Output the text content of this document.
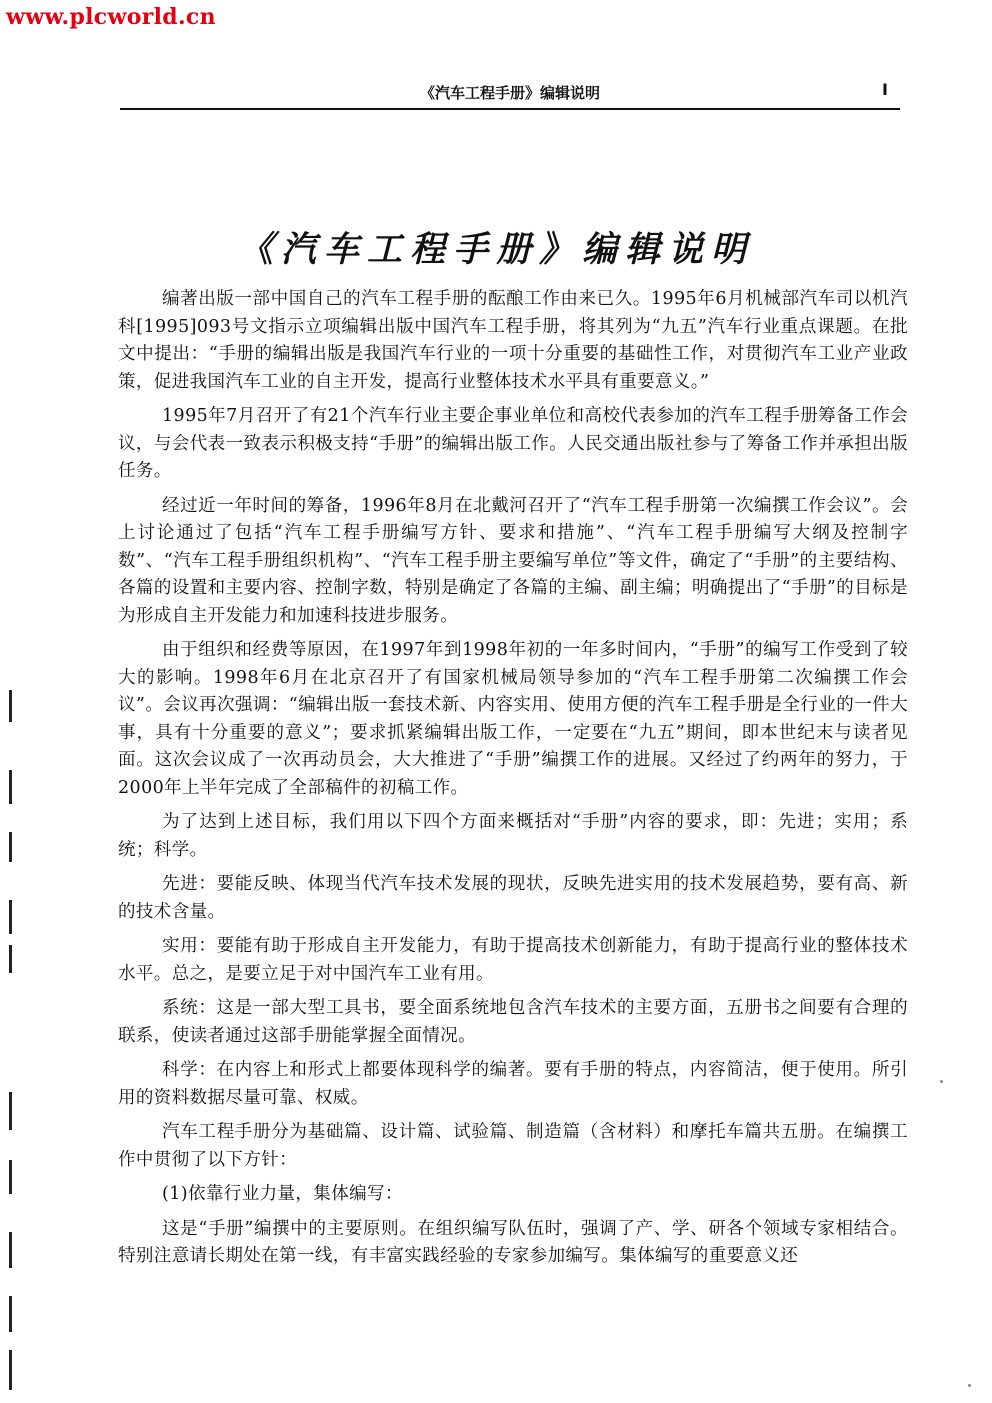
www.plcworld.cn
《汽车工程手册》编辑说明	I
《汽车工程手册》编辑说明

编著出版一部中国自己的汽车工程手册的酝酿工作由来已久。1995年6月机械部汽车司以机汽科[1995]093号文指示立项编辑出版中国汽车工程手册，将其列为“九五”汽车行业重点课题。在批文中提出：“手册的编辑出版是我国汽车行业的一项十分重要的基础性工作，对贯彻汽车工业产业政策，促进我国汽车工业的自主开发，提高行业整体技术水平具有重要意义。”

1995年7月召开了有21个汽车行业主要企事业单位和高校代表参加的汽车工程手册筹备工作会议，与会代表一致表示积极支持“手册”的编辑出版工作。人民交通出版社参与了筹备工作并承担出版任务。

经过近一年时间的筹备，1996年8月在北戴河召开了“汽车工程手册第一次编撰工作会议”。会上讨论通过了包括“汽车工程手册编写方针、要求和措施”、“汽车工程手册编写大纲及控制字数”、“汽车工程手册组织机构”、“汽车工程手册主要编写单位”等文件，确定了“手册”的主要结构、各篇的设置和主要内容、控制字数，特别是确定了各篇的主编、副主编；明确提出了“手册”的目标是为形成自主开发能力和加速科技进步服务。

由于组织和经费等原因，在1997年到1998年初的一年多时间内，“手册”的编写工作受到了较大的影响。1998年6月在北京召开了有国家机械局领导参加的“汽车工程手册第二次编撰工作会议”。会议再次强调：“编辑出版一套技术新、内容实用、使用方便的汽车工程手册是全行业的一件大事，具有十分重要的意义”；要求抓紧编辑出版工作，一定要在“九五”期间，即本世纪末与读者见面。这次会议成了一次再动员会，大大推进了“手册”编撰工作的进展。又经过了约两年的努力，于2000年上半年完成了全部稿件的初稿工作。

为了达到上述目标，我们用以下四个方面来概括对“手册”内容的要求，即：先进；实用；系统；科学。

先进：要能反映、体现当代汽车技术发展的现状，反映先进实用的技术发展趋势，要有高、新的技术含量。

实用：要能有助于形成自主开发能力，有助于提高技术创新能力，有助于提高行业的整体技术水平。总之，是要立足于对中国汽车工业有用。

系统：这是一部大型工具书，要全面系统地包含汽车技术的主要方面，五册书之间要有合理的联系，使读者通过这部手册能掌握全面情况。

科学：在内容上和形式上都要体现科学的编著。要有手册的特点，内容简洁，便于使用。所引用的资料数据尽量可靠、权威。

汽车工程手册分为基础篇、设计篇、试验篇、制造篇（含材料）和摩托车篇共五册。在编撰工作中贯彻了以下方针：

(1)依靠行业力量，集体编写：

这是“手册”编撰中的主要原则。在组织编写队伍时，强调了产、学、研各个领域专家相结合。特别注意请长期处在第一线，有丰富实践经验的专家参加编写。集体编写的重要意义还
